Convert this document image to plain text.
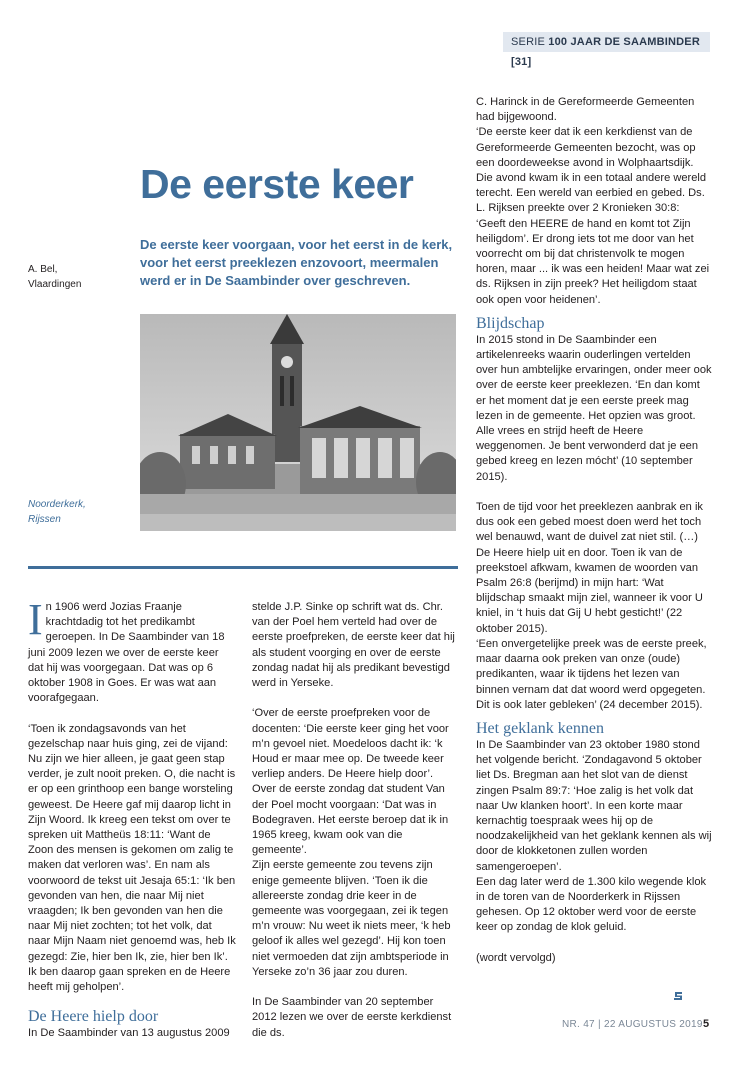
SERIE 100 JAAR DE SAAMBINDER [31]
De eerste keer

De eerste keer voorgaan, voor het eerst in de kerk, voor het eerst preeklezen enzovoort, meermalen werd er in De Saambinder over geschreven.

A. Bel,
Vlaardingen
Noorderkerk,
Rijssen

In 1906 werd Jozias Fraanje krachtdadig tot het predikambt geroepen. In De Saambinder van 18 juni 2009 lezen we over de eerste keer dat hij was voorgegaan. Dat was op 6 oktober 1908 in Goes. Er was wat aan voorafgegaan.

‘Toen ik zondagsavonds van het gezelschap naar huis ging, zei de vijand: Nu zijn we hier alleen, je gaat geen stap verder, je zult nooit preken. O, die nacht is er op een grinthoop een bange worsteling geweest. De Heere gaf mij daarop licht in Zijn Woord. Ik kreeg een tekst om over te spreken uit Mattheüs 18:11: ‘Want de Zoon des mensen is gekomen om zalig te maken dat verloren was’. En nam als voorwoord de tekst uit Jesaja 65:1: ‘Ik ben gevonden van hen, die naar Mij niet vraagden; Ik ben gevonden van hen die naar Mij niet zochten; tot het volk, dat naar Mijn Naam niet genoemd was, heb Ik gezegd: Zie, hier ben Ik, zie, hier ben Ik’. Ik ben daarop gaan spreken en de Heere heeft mij geholpen’.

De Heere hielp door

In De Saambinder van 13 augustus 2009

stelde J.P. Sinke op schrift wat ds. Chr. van der Poel hem verteld had over de eerste proefpreken, de eerste keer dat hij als student voorging en over de eerste zondag nadat hij als predikant bevestigd werd in Yerseke.

‘Over de eerste proefpreken voor de docenten: ‘Die eerste keer ging het voor m’n gevoel niet. Moedeloos dacht ik: ‘k Houd er maar mee op. De tweede keer verliep anders. De Heere hielp door’.

Over de eerste zondag dat student Van der Poel mocht voorgaan: ‘Dat was in Bodegraven. Het eerste beroep dat ik in 1965 kreeg, kwam ook van die gemeente’.

Zijn eerste gemeente zou tevens zijn enige gemeente blijven. ‘Toen ik die allereerste zondag drie keer in de gemeente was voorgegaan, zei ik tegen m’n vrouw: Nu weet ik niets meer, ‘k heb geloof ik alles wel gezegd’. Hij kon toen niet vermoeden dat zijn ambtsperiode in Yerseke zo’n 36 jaar zou duren.

In De Saambinder van 20 september 2012 lezen we over de eerste kerkdienst die ds.

C. Harinck in de Gereformeerde Gemeenten had bijgewoond.

‘De eerste keer dat ik een kerkdienst van de Gereformeerde Gemeenten bezocht, was op een doordeweekse avond in Wolphaartsdijk. Die avond kwam ik in een totaal andere wereld terecht. Een wereld van eerbied en gebed. Ds. L. Rijksen preekte over 2 Kronieken 30:8: ‘Geeft den HEERE de hand en komt tot Zijn heiligdom’. Er drong iets tot me door van het voorrecht om bij dat christenvolk te mogen horen, maar ... ik was een heiden! Maar wat zei ds. Rijksen in zijn preek? Het heiligdom staat ook open voor heidenen’.

Blijdschap

In 2015 stond in De Saambinder een artikelenreeks waarin ouderlingen vertelden over hun ambtelijke ervaringen, onder meer ook over de eerste keer preeklezen. ‘En dan komt er het moment dat je een eerste preek mag lezen in de gemeente. Het opzien was groot. Alle vrees en strijd heeft de Heere weggenomen. Je bent verwonderd dat je een gebed kreeg en lezen mócht’ (10 september 2015).

Toen de tijd voor het preeklezen aanbrak en ik dus ook een gebed moest doen werd het toch wel benauwd, want de duivel zat niet stil. (…) De Heere hielp uit en door. Toen ik van de preekstoel afkwam, kwamen de woorden van Psalm 26:8 (berijmd) in mijn hart: ‘Wat blijdschap smaakt mijn ziel, wanneer ik voor U kniel, in ‘t huis dat Gij U hebt gesticht!’ (22 oktober 2015).

‘Een onvergetelijke preek was de eerste preek, maar daarna ook preken van onze (oude) predikanten, waar ik tijdens het lezen van binnen vernam dat dat woord werd opgegeten. Dit is ook later gebleken’ (24 december 2015).

Het geklank kennen

In De Saambinder van 23 oktober 1980 stond het volgende bericht. ‘Zondagavond 5 oktober liet Ds. Bregman aan het slot van de dienst zingen Psalm 89:7: ‘Hoe zalig is het volk dat naar Uw klanken hoort’. In een korte maar kernachtig toespraak wees hij op de noodzakelijkheid van het geklank kennen als wij door de klokketonen zullen worden samengeroepen’.

Een dag later werd de 1.300 kilo wegende klok in de toren van de Noorderkerk in Rijssen gehesen. Op 12 oktober werd voor de eerste keer op zondag de klok geluid.

(wordt vervolgd)

NR. 47 | 22 AUGUSTUS 2019 5
